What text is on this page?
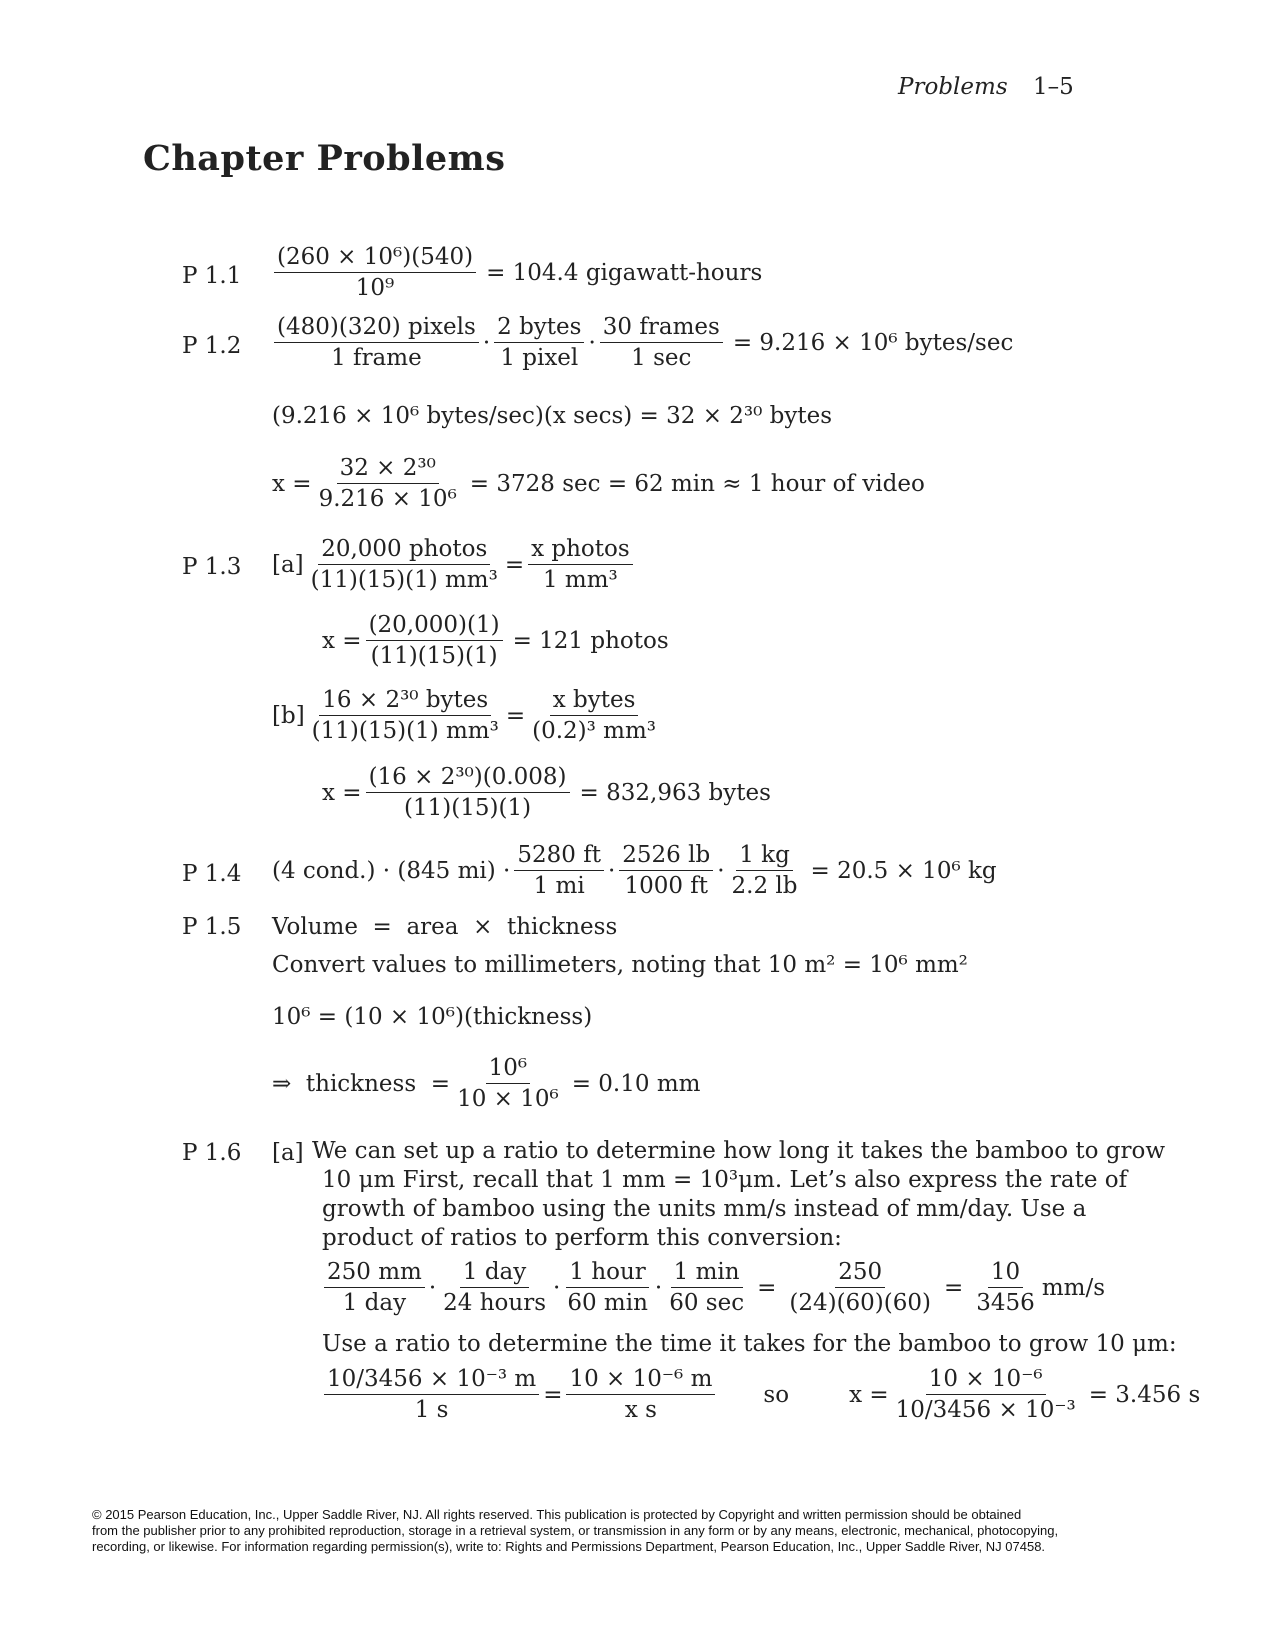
Problems 1–5
Chapter Problems
P $1.1 \frac{\text{(260 × 10⁶)(540)}}{\text{10⁹}} = 104.4$ gigawatt-hours
P $1.2 \frac{\text{(480)(320) pixels}}{\text{1 frame}} \cdot \frac{\text{2 bytes}}{\text{1 pixel}} \cdot \frac{\text{30 frames}}{1 \sec} = 9.216 \times 10^6$ bytes/sec
(9.216 × 10⁶ bytes/sec)(x secs) = 32 × 2³⁰ bytes
$x = \frac{\text{32 × 2³⁰}}{\text{9.216 × 10⁶}} = 3728$ sec = 62 min ≈ 1 hour of video
P 1.3 $[a] \frac{\text{20,000 photos}}{\text{(11)(15)(1) mm³}} = \frac{\text{x photos}}{\text{1 mm³}}$
$x = \frac{(20,000)(1)}{(11)(15)(1)} = 121$ photos
$[b] \frac{\text{16 × 2³⁰ bytes}}{\text{(11)(15)(1) mm³}} = \frac{\text{x bytes}}{\text{(0.2)³ mm³}}$
$x = \frac{\text{(16 × 2³⁰)(0.008)}}{(11)(15)(1)} = 832,963$ bytes
P 1.4 (4 cond.) · (845 $mi) \cdot \frac{5280 ft}{1 mi} \cdot \frac{2526 lb}{1000 ft} \cdot \frac{1 kg}{2.2 lb} = 20.5 \times 10^6$ kg
P 1.5 Volume  =  area  ×  thickness
Convert values to millimeters, noting that 10 m² = 10⁶ mm²
10⁶ = (10 × 10⁶)(thickness)
⇒  thickness  = $\frac{\text{10⁶}}{\text{10 × 10⁶}} = 0.10$ mm
P 1.6 [a] We can set up a ratio to determine how long it takes the bamboo to grow
10 μm First, recall that 1 mm = 10³μm. Let’s also express the rate of
growth of bamboo using the units mm/s instead of mm/day. Use a
product of ratios to perform this conversion:
$\frac{250 mm}{\text{1 day}} \cdot \frac{\text{1 day}}{\text{24 hours}} \cdot \frac{\text{1 hour}}{60 \min} \cdot \frac{1 \min}{60 \sec} = \frac{250}{(24)(60)(60)} = \frac{10}{3456} mm/s$
Use a ratio to determine the time it takes for the bamboo to grow 10 μm:
$\frac{\text{10/3456 × 10⁻³ m}}{1 s} = \frac{\text{10 × 10⁻⁶ m}}{\text{x s}}$ so	$x = \frac{\text{10 × 10⁻⁶}}{\text{10/3456 × 10⁻³}} = 3.456$ s
© 2015 Pearson Education, Inc., Upper Saddle River, NJ. All rights reserved. This publication is protected by Copyright and written permission should be obtained
from the publisher prior to any prohibited reproduction, storage in a retrieval system, or transmission in any form or by any means, electronic, mechanical, photocopying,
recording, or likewise. For information regarding permission(s), write to: Rights and Permissions Department, Pearson Education, Inc., Upper Saddle River, NJ 07458.
